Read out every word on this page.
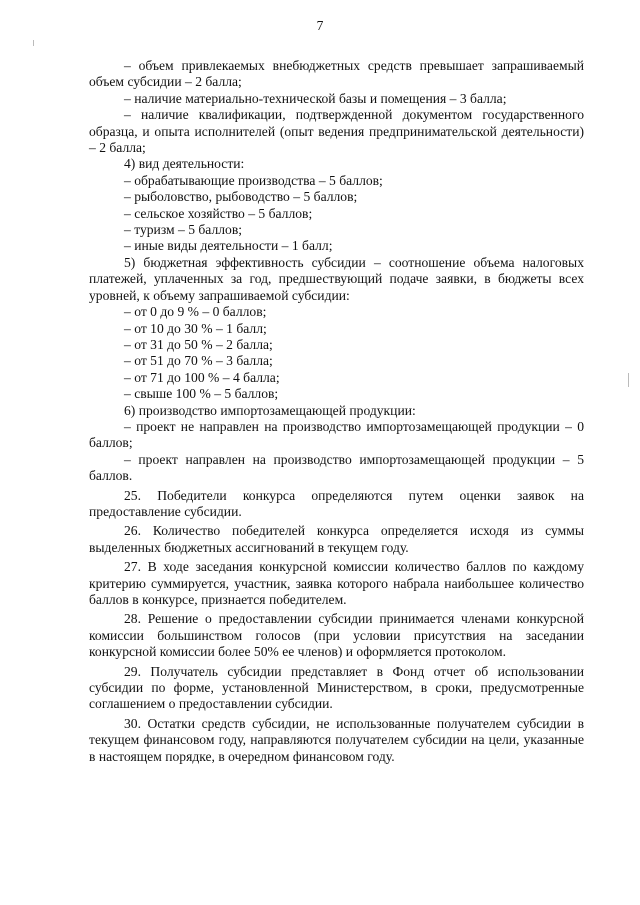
7

– объем привлекаемых внебюджетных средств превышает запрашиваемый объем субсидии – 2 балла;

– наличие материально-технической базы и помещения – 3 балла;

– наличие квалификации, подтвержденной документом государственного образца, и опыта исполнителей (опыт ведения предпринимательской деятельности) – 2 балла;

4) вид деятельности:

– обрабатывающие производства – 5 баллов;

– рыболовство, рыбоводство – 5 баллов;

– сельское хозяйство – 5 баллов;

– туризм – 5 баллов;

– иные виды деятельности – 1 балл;

5) бюджетная эффективность субсидии – соотношение объема налоговых платежей, уплаченных за год, предшествующий подаче заявки, в бюджеты всех уровней, к объему запрашиваемой субсидии:

– от 0 до 9 % – 0 баллов;

– от 10 до 30 % – 1 балл;

– от 31 до 50 % – 2 балла;

– от 51 до 70 % – 3 балла;

– от 71 до 100 % – 4 балла;

– свыше 100 % – 5 баллов;

6) производство импортозамещающей продукции:

– проект не направлен на производство импортозамещающей продукции – 0 баллов;

– проект направлен на производство импортозамещающей продукции – 5 баллов.

25. Победители конкурса определяются путем оценки заявок на предоставление субсидии.

26. Количество победителей конкурса определяется исходя из суммы выделенных бюджетных ассигнований в текущем году.

27. В ходе заседания конкурсной комиссии количество баллов по каждому критерию суммируется, участник, заявка которого набрала наибольшее количество баллов в конкурсе, признается победителем.

28. Решение о предоставлении субсидии принимается членами конкурсной комиссии большинством голосов (при условии присутствия на заседании конкурсной комиссии более 50% ее членов) и оформляется протоколом.

29. Получатель субсидии представляет в Фонд отчет об использовании субсидии по форме, установленной Министерством, в сроки, предусмотренные соглашением о предоставлении субсидии.

30. Остатки средств субсидии, не использованные получателем субсидии в текущем финансовом году, направляются получателем субсидии на цели, указанные в настоящем порядке, в очередном финансовом году.
